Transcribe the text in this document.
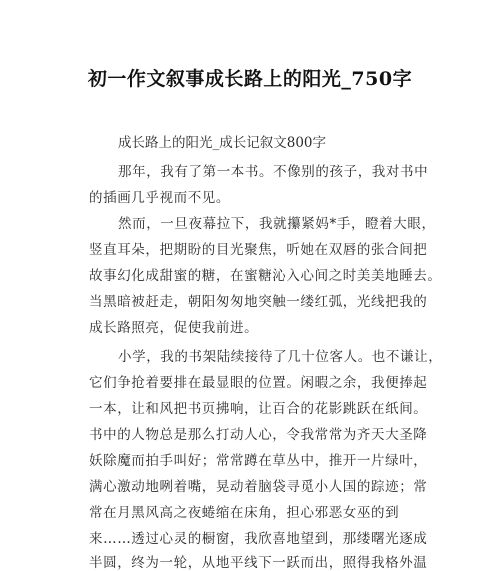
初一作文叙事成长路上的阳光_750字
成长路上的阳光_成长记叙文800字
那年，我有了第一本书。不像别的孩子，我对书中
的插画几乎视而不见。
然而，一旦夜幕拉下，我就攥紧妈*手，瞪着大眼，
竖直耳朵，把期盼的目光聚焦，听她在双唇的张合间把
故事幻化成甜蜜的糖，在蜜糖沁入心间之时美美地睡去。
当黑暗被赶走，朝阳匆匆地突触一缕红弧，光线把我的
成长路照亮，促使我前进。
小学，我的书架陆续接待了几十位客人。也不谦让，
它们争抢着要排在最显眼的位置。闲暇之余，我便捧起
一本，让和风把书页拂响，让百合的花影跳跃在纸间。
书中的人物总是那么打动人心，令我常常为齐天大圣降
妖除魔而拍手叫好；常常蹲在草丛中，推开一片绿叶，
满心激动地咧着嘴，晃动着脑袋寻觅小人国的踪迹；常
常在月黑风高之夜蜷缩在床角，担心邪恶女巫的到
来……透过心灵的橱窗，我欣喜地望到，那缕曙光逐成
半圆，终为一轮，从地平线下一跃而出，照得我格外温
